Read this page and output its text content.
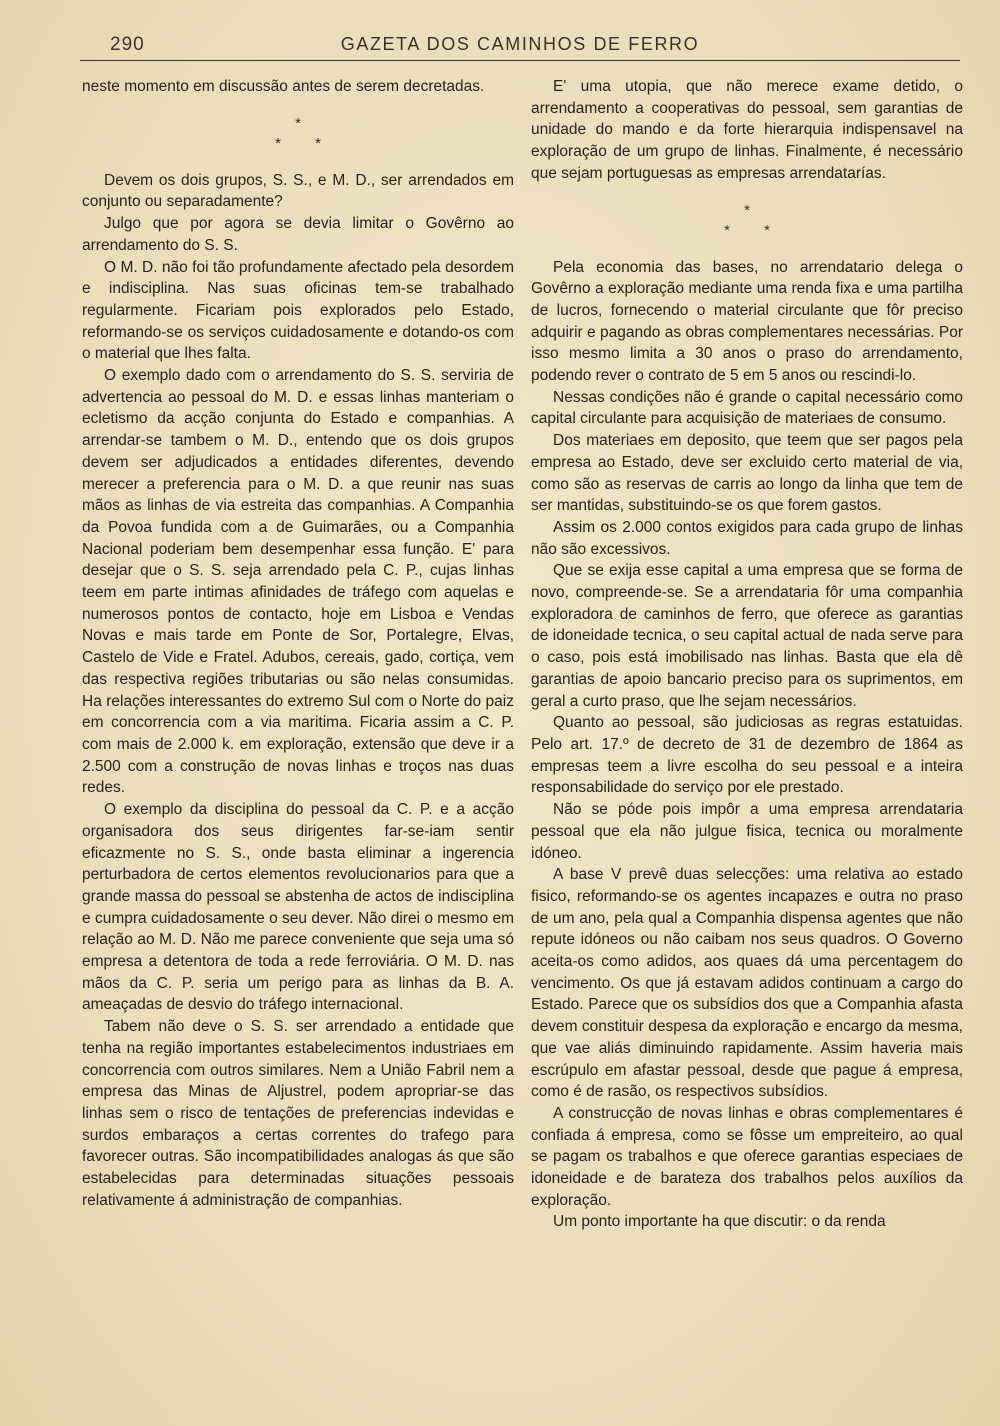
290	GAZETA DOS CAMINHOS DE FERRO

neste momento em discussão antes de serem decretadas.

*
* *

Devem os dois grupos, S. S., e M. D., ser arrendados em conjunto ou separadamente?

Julgo que por agora se devia limitar o Govêrno ao arrendamento do S. S.

O M. D. não foi tão profundamente afectado pela desordem e indisciplina. Nas suas oficinas tem-se trabalhado regularmente. Ficariam pois explorados pelo Estado, reformando-se os serviços cuidadosamente e dotando-os com o material que lhes falta.

O exemplo dado com o arrendamento do S. S. serviria de advertencia ao pessoal do M. D. e essas linhas manteriam o ecletismo da acção conjunta do Estado e companhias. A arrendar-se tambem o M. D., entendo que os dois grupos devem ser adjudicados a entidades diferentes, devendo merecer a preferencia para o M. D. a que reunir nas suas mãos as linhas de via estreita das companhias. A Companhia da Povoa fundida com a de Guimarães, ou a Companhia Nacional poderiam bem desempenhar essa função. E' para desejar que o S. S. seja arrendado pela C. P., cujas linhas teem em parte intimas afinidades de tráfego com aquelas e numerosos pontos de contacto, hoje em Lisboa e Vendas Novas e mais tarde em Ponte de Sor, Portalegre, Elvas, Castelo de Vide e Fratel. Adubos, cereais, gado, cortiça, vem das respectiva regiões tributarias ou são nelas consumidas. Ha relações interessantes do extremo Sul com o Norte do paiz em concorrencia com a via maritima. Ficaria assim a C. P. com mais de 2.000 k. em exploração, extensão que deve ir a 2.500 com a construção de novas linhas e troços nas duas redes.

O exemplo da disciplina do pessoal da C. P. e a acção organisadora dos seus dirigentes far-se-iam sentir eficazmente no S. S., onde basta eliminar a ingerencia perturbadora de certos elementos revolucionarios para que a grande massa do pessoal se abstenha de actos de indisciplina e cumpra cuidadosamente o seu dever. Não direi o mesmo em relação ao M. D. Não me parece conveniente que seja uma só empresa a detentora de toda a rede ferroviária. O M. D. nas mãos da C. P. seria um perigo para as linhas da B. A. ameaçadas de desvio do tráfego internacional.

Tabem não deve o S. S. ser arrendado a entidade que tenha na região importantes estabelecimentos industriaes em concorrencia com outros similares. Nem a União Fabril nem a empresa das Minas de Aljustrel, podem apropriar-se das linhas sem o risco de tentações de preferencias indevidas e surdos embaraços a certas correntes do trafego para favorecer outras. São incompatibilidades analogas ás que são estabelecidas para determinadas situações pessoais relativamente á administração de companhias.

E' uma utopia, que não merece exame detido, o arrendamento a cooperativas do pessoal, sem garantias de unidade do mando e da forte hierarquia indispensavel na exploração de um grupo de linhas. Finalmente, é necessário que sejam portuguesas as empresas arrendatarías.

*
* *

Pela economia das bases, no arrendatario delega o Govêrno a exploração mediante uma renda fixa e uma partilha de lucros, fornecendo o material circulante que fôr preciso adquirir e pagando as obras complementares necessárias. Por isso mesmo limita a 30 anos o praso do arrendamento, podendo rever o contrato de 5 em 5 anos ou rescindi-lo.

Nessas condições não é grande o capital necessário como capital circulante para acquisição de materiaes de consumo.

Dos materiaes em deposito, que teem que ser pagos pela empresa ao Estado, deve ser excluido certo material de via, como são as reservas de carris ao longo da linha que tem de ser mantidas, substituindo-se os que forem gastos.

Assim os 2.000 contos exigidos para cada grupo de linhas não são excessivos.

Que se exija esse capital a uma empresa que se forma de novo, compreende-se. Se a arrendataria fôr uma companhia exploradora de caminhos de ferro, que oferece as garantias de idoneidade tecnica, o seu capital actual de nada serve para o caso, pois está imobilisado nas linhas. Basta que ela dê garantias de apoio bancario preciso para os suprimentos, em geral a curto praso, que lhe sejam necessários.

Quanto ao pessoal, são judiciosas as regras estatuidas. Pelo art. 17.º de decreto de 31 de dezembro de 1864 as empresas teem a livre escolha do seu pessoal e a inteira responsabilidade do serviço por ele prestado.

Não se póde pois impôr a uma empresa arrendataria pessoal que ela não julgue fisica, tecnica ou moralmente idóneo.

A base V prevê duas selecções: uma relativa ao estado fisico, reformando-se os agentes incapazes e outra no praso de um ano, pela qual a Companhia dispensa agentes que não repute idóneos ou não caibam nos seus quadros. O Governo aceita-os como adidos, aos quaes dá uma percentagem do vencimento. Os que já estavam adidos continuam a cargo do Estado. Parece que os subsídios dos que a Companhia afasta devem constituir despesa da exploração e encargo da mesma, que vae aliás diminuindo rapidamente. Assim haveria mais escrúpulo em afastar pessoal, desde que pague á empresa, como é de rasão, os respectivos subsídios.

A construcção de novas linhas e obras complementares é confiada á empresa, como se fôsse um empreiteiro, ao qual se pagam os trabalhos e que oferece garantias especiaes de idoneidade e de barateza dos trabalhos pelos auxílios da exploração.

Um ponto importante ha que discutir: o da renda
